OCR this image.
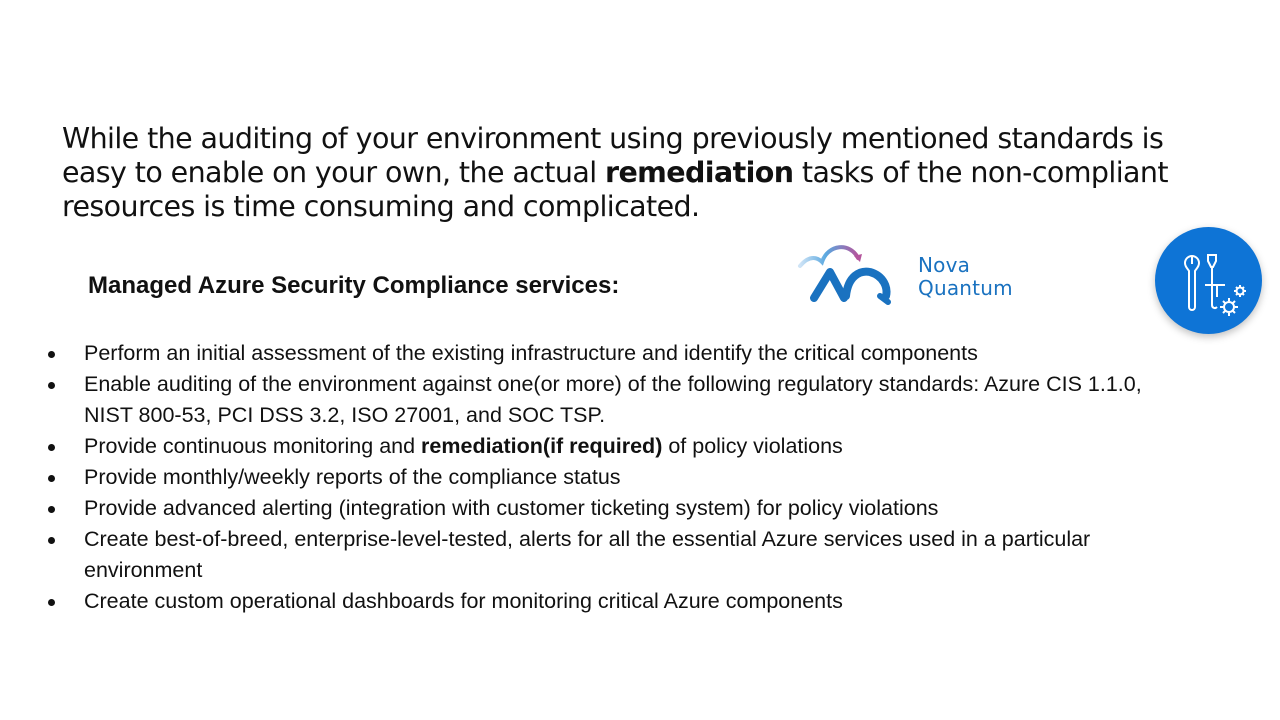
While the auditing of your environment using previously mentioned standards is easy to enable on your own, the actual remediation tasks of the non-compliant resources is time consuming and complicated.
Managed Azure Security Compliance services:
Nova
Quantum
Perform an initial assessment of the existing infrastructure and identify the critical components
Enable auditing of the environment against one(or more) of the following regulatory standards: Azure CIS 1.1.0, NIST 800-53, PCI DSS 3.2, ISO 27001, and SOC TSP.
Provide continuous monitoring and remediation(if required) of policy violations
Provide monthly/weekly reports of the compliance status
Provide advanced alerting (integration with customer ticketing system) for policy violations
Create best-of-breed, enterprise-level-tested, alerts for all the essential Azure services used in a particular environment
Create custom operational dashboards for monitoring critical Azure components
